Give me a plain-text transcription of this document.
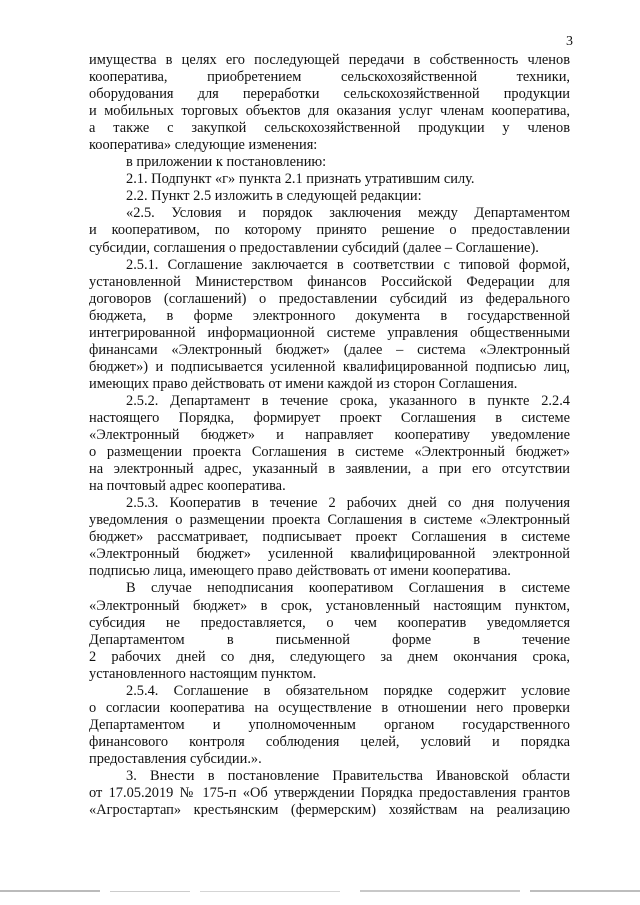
3
имущества в целях его последующей передачи в собственность членов
кооператива, приобретением сельскохозяйственной техники,
оборудования для переработки сельскохозяйственной продукции
и мобильных торговых объектов для оказания услуг членам кооператива,
а также с закупкой сельскохозяйственной продукции у членов
кооператива» следующие изменения:
в приложении к постановлению:
2.1. Подпункт «г» пункта 2.1 признать утратившим силу.
2.2. Пункт 2.5 изложить в следующей редакции:
«2.5. Условия и порядок заключения между Департаментом
и кооперативом, по которому принято решение о предоставлении
субсидии, соглашения о предоставлении субсидий (далее – Соглашение).
2.5.1. Соглашение заключается в соответствии с типовой формой,
установленной Министерством финансов Российской Федерации для
договоров (соглашений) о предоставлении субсидий из федерального
бюджета, в форме электронного документа в государственной
интегрированной информационной системе управления общественными
финансами «Электронный бюджет» (далее – система «Электронный
бюджет») и подписывается усиленной квалифицированной подписью лиц,
имеющих право действовать от имени каждой из сторон Соглашения.
2.5.2. Департамент в течение срока, указанного в пункте 2.2.4
настоящего Порядка, формирует проект Соглашения в системе
«Электронный бюджет» и направляет кооперативу уведомление
о размещении проекта Соглашения в системе «Электронный бюджет»
на электронный адрес, указанный в заявлении, а при его отсутствии
на почтовый адрес кооператива.
2.5.3. Кооператив в течение 2 рабочих дней со дня получения
уведомления о размещении проекта Соглашения в системе «Электронный
бюджет» рассматривает, подписывает проект Соглашения в системе
«Электронный бюджет» усиленной квалифицированной электронной
подписью лица, имеющего право действовать от имени кооператива.
В случае неподписания кооперативом Соглашения в системе
«Электронный бюджет» в срок, установленный настоящим пунктом,
субсидия не предоставляется, о чем кооператив уведомляется
Департаментом в письменной форме в течение
2 рабочих дней со дня, следующего за днем окончания срока,
установленного настоящим пунктом.
2.5.4. Соглашение в обязательном порядке содержит условие
о согласии кооператива на осуществление в отношении него проверки
Департаментом и уполномоченным органом государственного
финансового контроля соблюдения целей, условий и порядка
предоставления субсидии.».
3. Внести в постановление Правительства Ивановской области
от 17.05.2019 № 175-п «Об утверждении Порядка предоставления грантов
«Агростартап» крестьянским (фермерским) хозяйствам на реализацию
